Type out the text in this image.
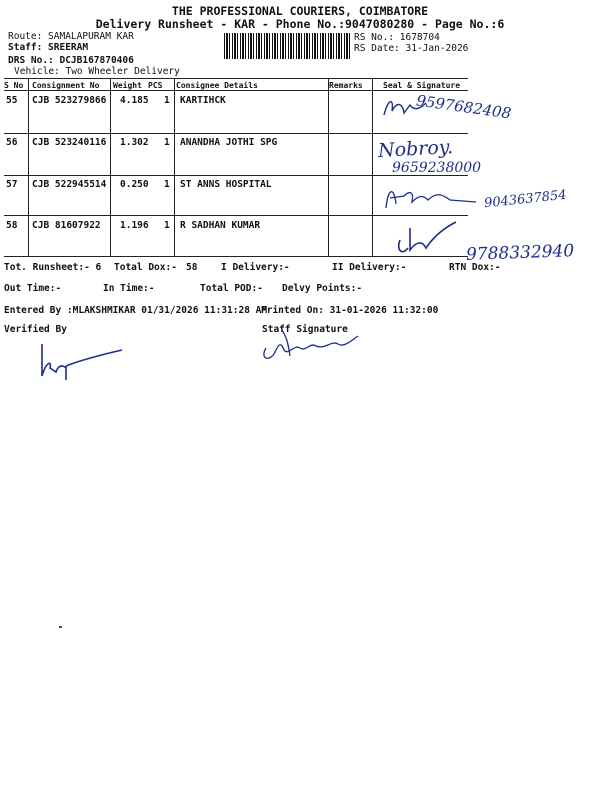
THE PROFESSIONAL COURIERS, COIMBATORE
Delivery Runsheet - KAR - Phone No.:9047080280 - Page No.:6
Route: SAMALAPURAM KAR
Staff: SREERAM
DRS No.: DCJB167870406
Vehicle: Two Wheeler Delivery
RS No.: 1678704
RS Date: 31-Jan-2026
S No Consignment No Weight PCS Consignee Details	Remarks	Seal & Signature
55 CJB 523279866 4.185 1 KARTIHCK
56 CJB 523240116 1.302 1 ANANDHA JOTHI SPG
57 CJB 522945514 0.250 1 ST ANNS HOSPITAL
58 CJB 81607922 1.196 1 R SADHAN KUMAR
9597682408
Nobroy.
9659238000
9043637854
9788332940
Tot. Runsheet:- 6 Total Dox:- 58 I Delivery:-	II Delivery:-	RTN Dox:-
Out Time:-	In Time:-	Total POD:- Delvy Points:-
Entered By :MLAKSHMIKAR 01/31/2026 11:31:28 AM
Printed On: 31-01-2026 11:32:00
Verified By	Staff Signature
